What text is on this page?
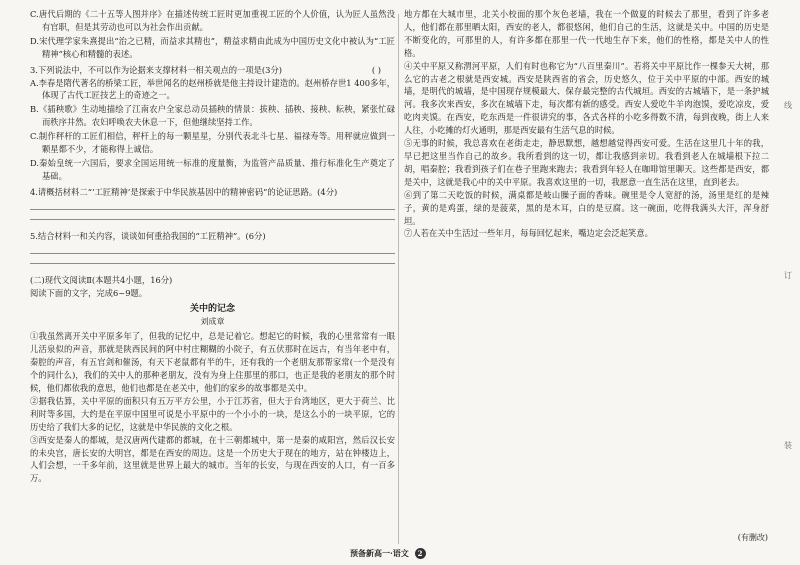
C.唐代后期的《二十五等人图并序》在描述传统工匠时更加重视工匠的个人价值，认为匠人虽然没有官职，但是其劳动也可以为社会作出贡献。

D.宋代理学家朱熹提出“治之已精，而益求其精也”，精益求精由此成为中国历史文化中被认为“工匠精神”核心和精髓的表述。

( )
3.下列说法中，不可以作为论据来支撑材料一相关观点的一项是(3分)

A.李春是隋代著名的桥梁工匠，举世闻名的赵州桥就是他主持设计建造的。赵州桥存世1 400多年，体现了古代工匠技艺上的奇迹之一。

B.《插秧歌》生动地描绘了江南农户全家总动员插秧的情景：拔秧、插秧、接秧、耘秧，紧张忙碌而秩序井然。农妇呼唤农夫休息一下，但他继续坚持工作。

C.制作秤杆的工匠们相信，秤杆上的每一颗星星，分别代表北斗七星、福禄寿等。用秤就应做到一颗星都不少，才能称得上诚信。

D.秦始皇统一六国后，要求全国运用统一标准的度量衡，为监管产品质量、推行标准化生产奠定了基础。

4.请概括材料二“‘工匠精神’是探索于中华民族基因中的精神密码”的论证思路。(4分)

5.结合材料一和关内容，谈谈如何重拾我国的“工匠精神”。(6分)

(二)现代文阅读Ⅱ(本题共4小题，16分)

阅读下面的文字，完成6~9题。

关中的记念

刘成章

①我虽然离开关中平原多年了，但我的记忆中，总是记着它。想起它的时候，我的心里常常有一眼儿活泉似的声音，那就是陕西民间的阿中村庄糊糊的小院子，有五伏那时在远古，有当年老中有，秦腔的声音，有五官剑和催汤，有天下老鼠都有半的牛，还有我的一个老朋友那帮家常(一个是没有个的同什么)，我们的关中人的那种老朋友，没有为身上住那里的那口，也正是我的老朋友的那个时候，他们都依我的意思，他们也都是在老关中，他们的家乡的故事都是关中。

②据我估算，关中平原的面积只有五万平方公里，小于江苏省，但大于台湾地区，更大于荷兰、比利时等多国，大约是在平原中国里可说是小平原中的一个小小的一块，是这么小的一块平原，它的历史给了我们大多的记忆，这就是中华民族的文化之根。

③西安是秦人的都城，是汉唐两代建都的都城，在十三朝都城中，第一是秦的咸阳宫，然后汉长安的未央宫，唐长安的大明宫，都是在西安的周边。这是一个历史大于现在的地方，站在钟楼边上，人们会想，一千多年前，这里就是世界上最大的城市。当年的长安，与现在西安的人口，有一百多万。

地方都在大城市里，北关小校面的那个灰色老墙，我在一个做夏的时候去了那里，看到了许多老人，他们都在那里晒太阳，西安的老人，都很悠闲，他们自己的生活，这就是关中。中国的历史是不断变化的，可那里的人，有许多都在那里一代一代地生存下来，他们的性格，都是关中人的性格。

④关中平原又称渭河平原，人们有时也称它为“八百里秦川”。若将关中平原比作一棵参天大树，那么它的古老之根就是西安城。西安是陕西省的省会，历史悠久，位于关中平原的中部。西安的城墙，是明代的城墙，是中国现存规模最大、保存最完整的古代城垣。西安的古城墙下，是一条护城河。我多次来西安，多次在城墙下走，每次都有新的感受。西安人爱吃牛羊肉泡馍，爱吃凉皮，爱吃肉夹馍。在西安，吃东西是一件很讲究的事，各式各样的小吃多得数不清，每到夜晚，街上人来人往，小吃摊的灯火通明，那是西安最有生活气息的时候。

⑤无事的时候，我总喜欢在老街走走，静思默想，越想越觉得西安可爱。生活在这里几十年的我，早已把这里当作自己的故乡。我所看到的这一切，都让我感到亲切。我看到老人在城墙根下拉二胡，唱秦腔；我看到孩子们在巷子里跑来跑去；我看到年轻人在咖啡馆里聊天。这些都是西安，都是关中，这就是我心中的关中平原。我喜欢这里的一切，我愿意一直生活在这里，直到老去。

⑥到了第二天吃饭的时候，满桌都是岐山臊子面的香味。碗里是令人宽舒的汤，汤里是红的是辣子，黄的是鸡蛋，绿的是菠菜，黑的是木耳，白的是豆腐。这一碗面，吃得我满头大汗，浑身舒坦。

⑦人若在关中生活过一些年月，每每回忆起来，嘴边定会泛起笑意。

(有删改)
线
订
装
预备新高一·语文 2
